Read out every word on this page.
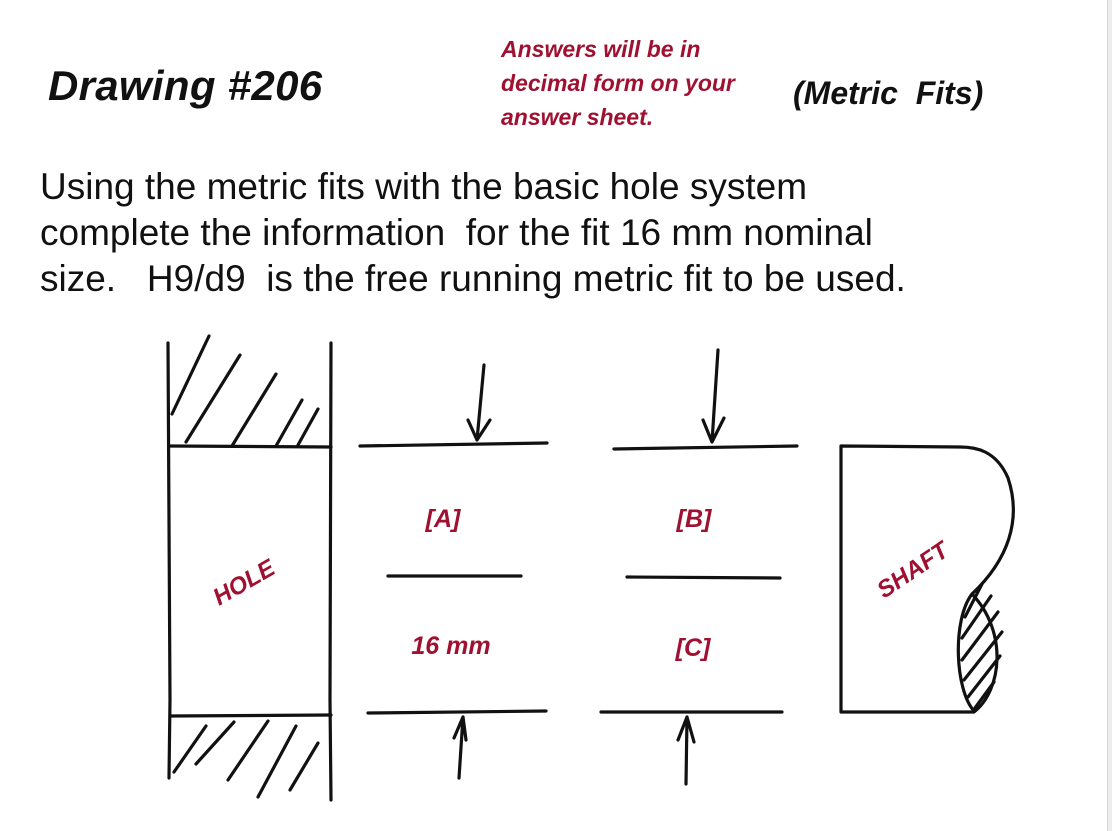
Drawing #206
Answers will be in
decimal form on your
answer sheet.
(Metric  Fits)
Using the metric fits with the basic hole system
complete the information  for the fit 16 mm nominal
size.   H9/d9  is the free running metric fit to be used.
HOLE	SHAFT
[A]	[B]
16 mm	[C]
